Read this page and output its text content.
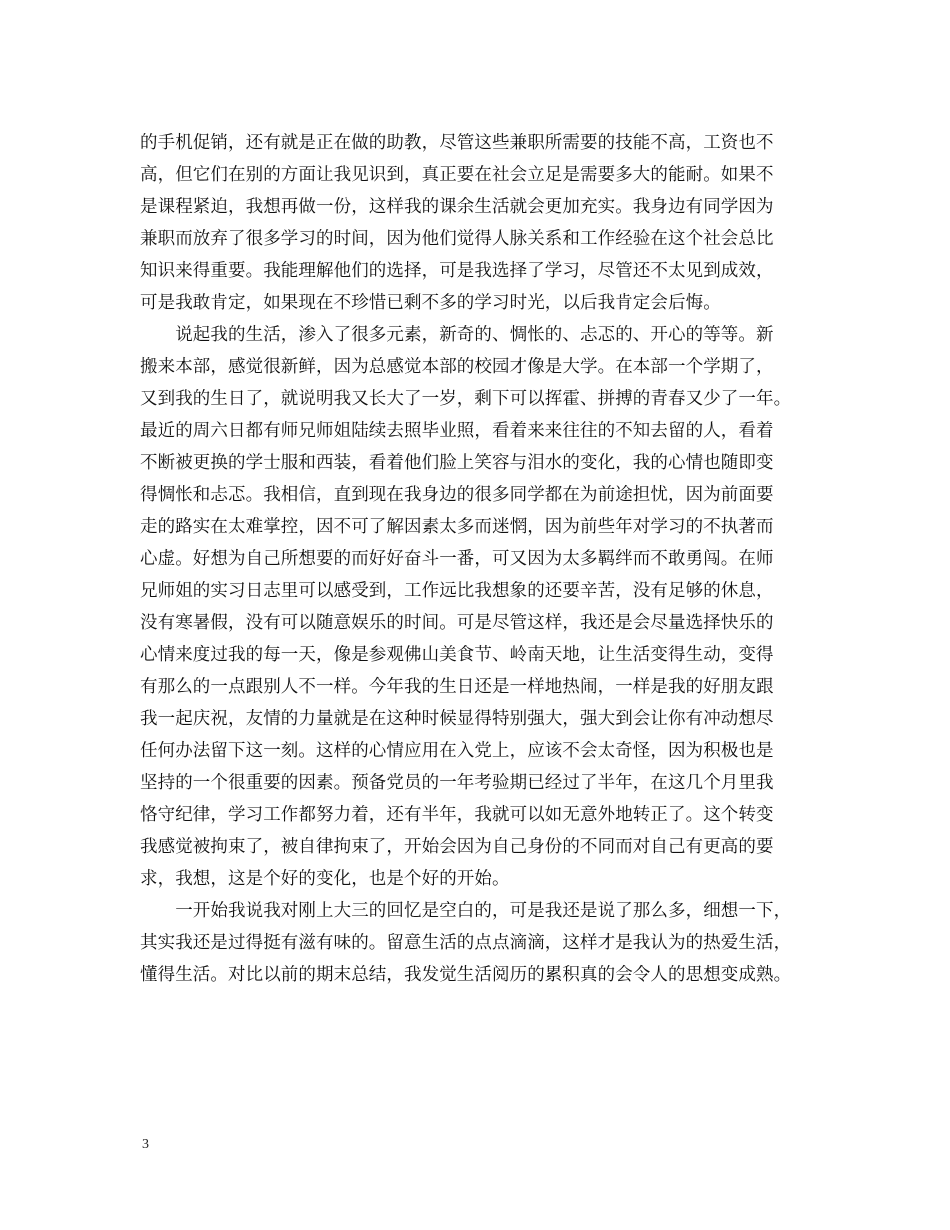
的手机促销，还有就是正在做的助教，尽管这些兼职所需要的技能不高，工资也不
高，但它们在别的方面让我见识到，真正要在社会立足是需要多大的能耐。如果不
是课程紧迫，我想再做一份，这样我的课余生活就会更加充实。我身边有同学因为
兼职而放弃了很多学习的时间，因为他们觉得人脉关系和工作经验在这个社会总比
知识来得重要。我能理解他们的选择，可是我选择了学习，尽管还不太见到成效，
可是我敢肯定，如果现在不珍惜已剩不多的学习时光，以后我肯定会后悔。
　　说起我的生活，渗入了很多元素，新奇的、惆怅的、忐忑的、开心的等等。新
搬来本部，感觉很新鲜，因为总感觉本部的校园才像是大学。在本部一个学期了，
又到我的生日了，就说明我又长大了一岁，剩下可以挥霍、拼搏的青春又少了一年。
最近的周六日都有师兄师姐陆续去照毕业照，看着来来往往的不知去留的人，看着
不断被更换的学士服和西装，看着他们脸上笑容与泪水的变化，我的心情也随即变
得惆怅和忐忑。我相信，直到现在我身边的很多同学都在为前途担忧，因为前面要
走的路实在太难掌控，因不可了解因素太多而迷惘，因为前些年对学习的不执著而
心虚。好想为自己所想要的而好好奋斗一番，可又因为太多羁绊而不敢勇闯。在师
兄师姐的实习日志里可以感受到，工作远比我想象的还要辛苦，没有足够的休息，
没有寒暑假，没有可以随意娱乐的时间。可是尽管这样，我还是会尽量选择快乐的
心情来度过我的每一天，像是参观佛山美食节、岭南天地，让生活变得生动，变得
有那么的一点跟别人不一样。今年我的生日还是一样地热闹，一样是我的好朋友跟
我一起庆祝，友情的力量就是在这种时候显得特别强大，强大到会让你有冲动想尽
任何办法留下这一刻。这样的心情应用在入党上，应该不会太奇怪，因为积极也是
坚持的一个很重要的因素。预备党员的一年考验期已经过了半年，在这几个月里我
恪守纪律，学习工作都努力着，还有半年，我就可以如无意外地转正了。这个转变
我感觉被拘束了，被自律拘束了，开始会因为自己身份的不同而对自己有更高的要
求，我想，这是个好的变化，也是个好的开始。
　　一开始我说我对刚上大三的回忆是空白的，可是我还是说了那么多，细想一下，
其实我还是过得挺有滋有味的。留意生活的点点滴滴，这样才是我认为的热爱生活，
懂得生活。对比以前的期末总结，我发觉生活阅历的累积真的会令人的思想变成熟。
3
